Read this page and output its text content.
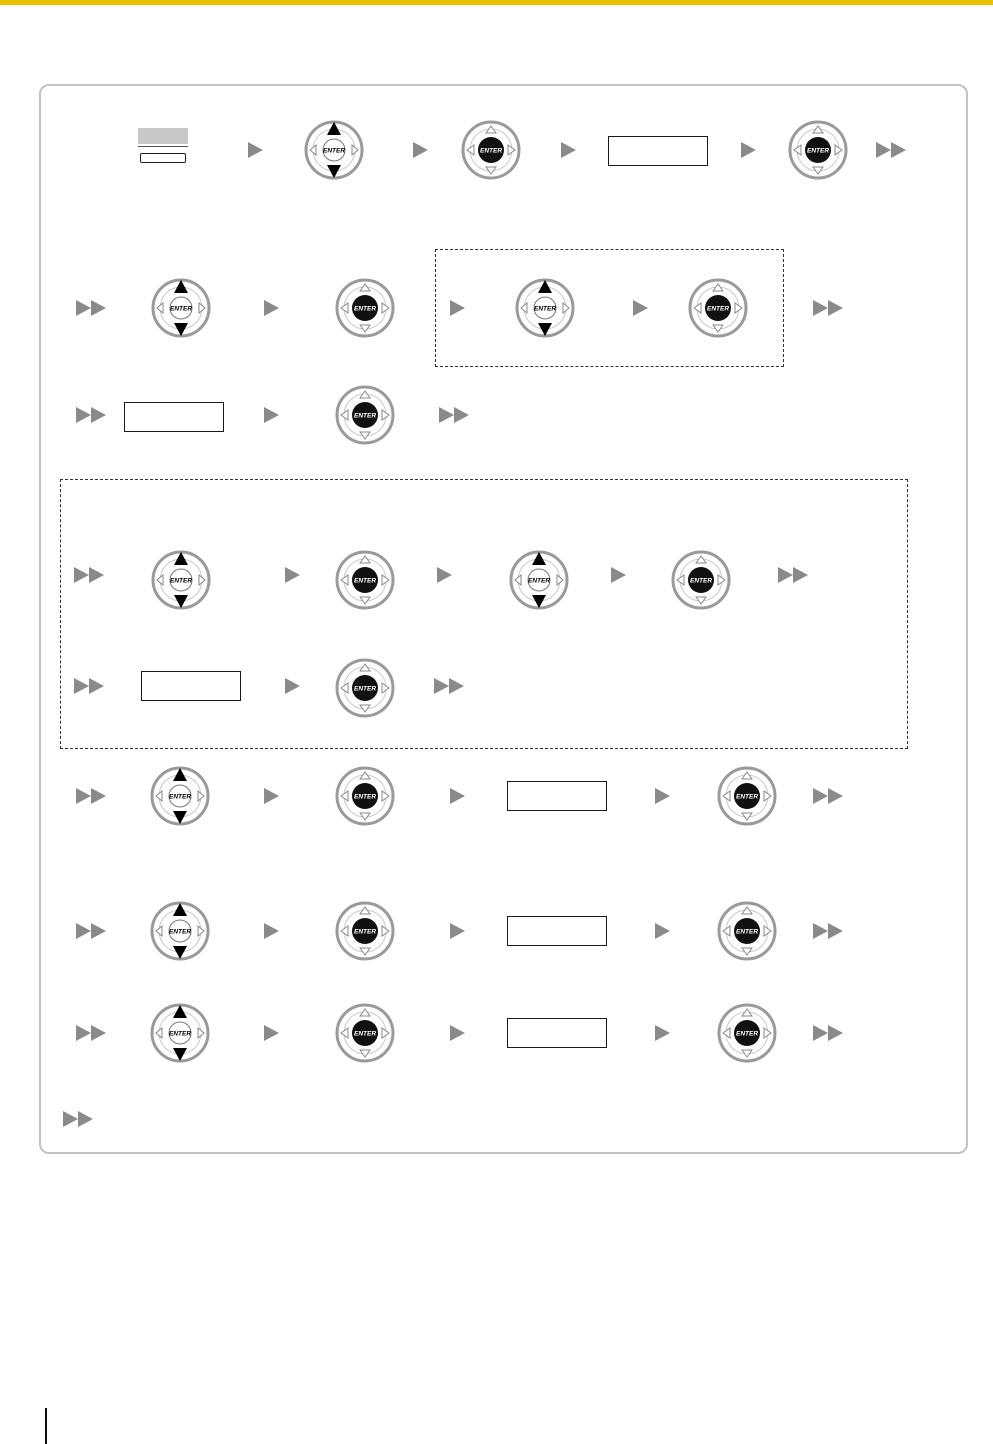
ENTER	ENTER	ENTER
ENTER	ENTER	ENTER	ENTER
ENTER
ENTER	ENTER	ENTER	ENTER
ENTER
ENTER	ENTER	ENTER
ENTER	ENTER	ENTER
ENTER	ENTER	ENTER
